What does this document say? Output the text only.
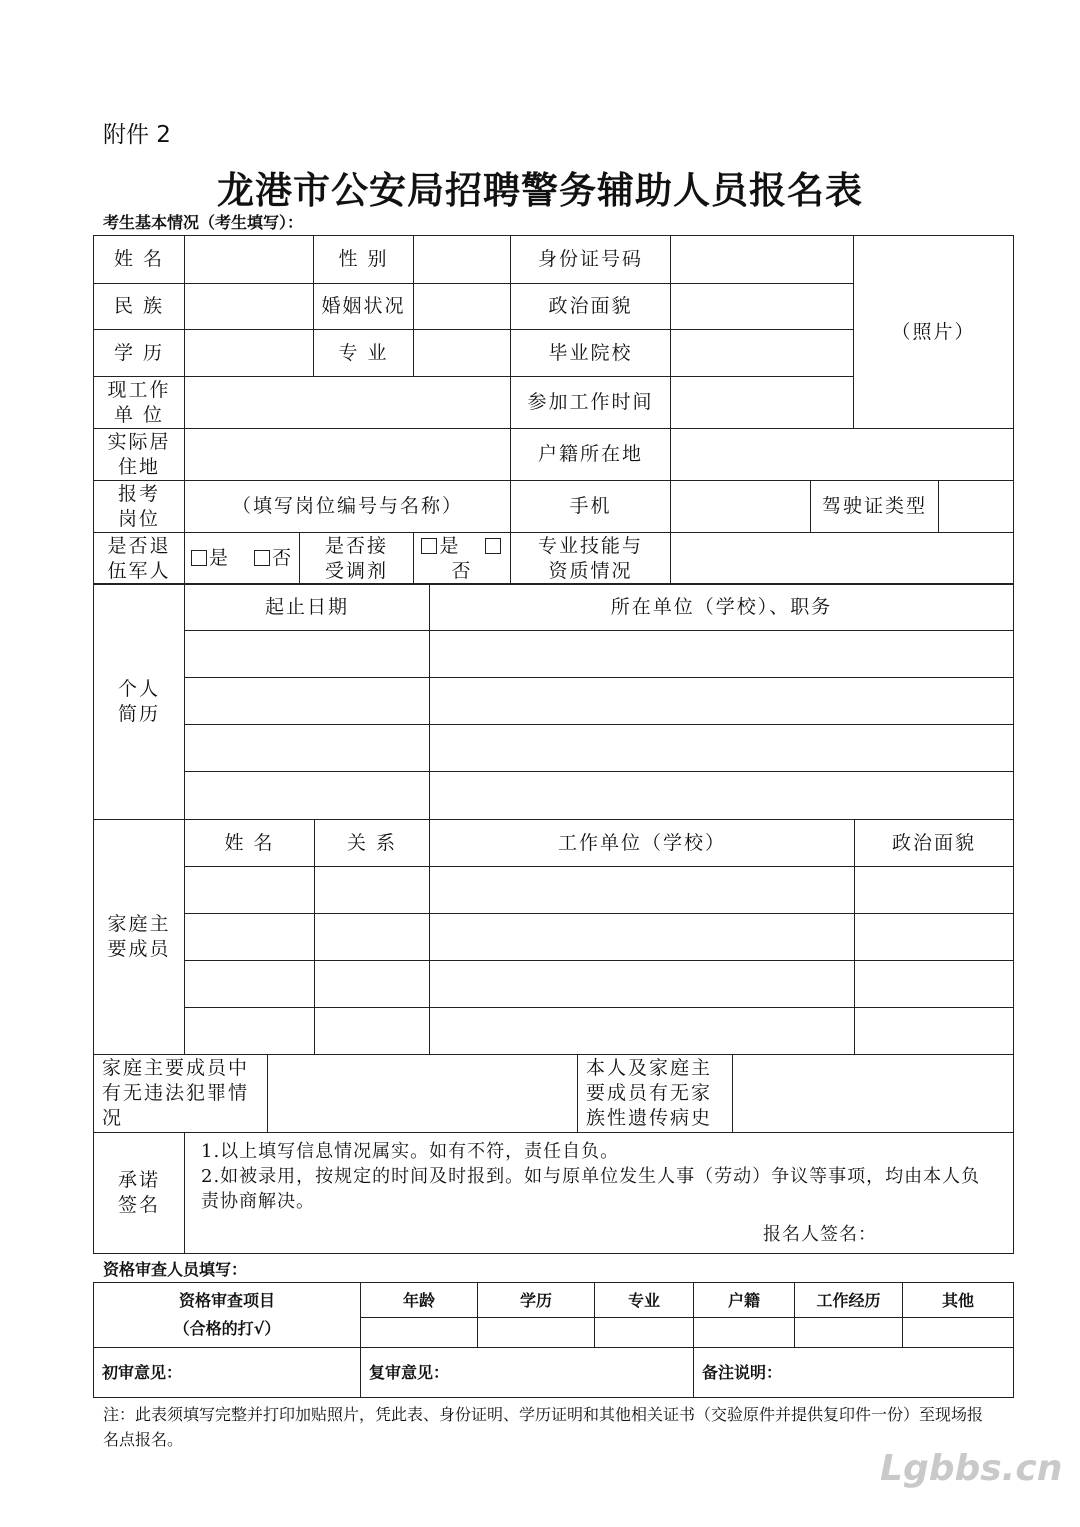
附件 2
龙港市公安局招聘警务辅助人员报名表
考生基本情况（考生填写）：
姓 名			性 别		身份证号码			（照片）	
民 族			婚姻状况		政治面貌				
学 历			专 业		毕业院校				

现工作单 位					参加工作时间				

实际居住地					户籍所在地				

报考岗位	（填写岗位编号与名称）				手机		驾驶证类型		

是否退伍军人	是 否	是否接受调剂		是   否	专业技能与资质情况				

个人简历	起止日期	所在单位（学校）、职务

家庭主要成员	姓 名	关 系	工作单位（学校）	政治面貌

家庭主要成员中有无违法犯罪情况			本人及家庭主要成员有无家族性遗传病史	

承诺签名	1.以上填写信息情况属实。如有不符，责任自负。
2.如被录用，按规定的时间及时报到。如与原单位发生人事（劳动）争议等事项，均由本人负责协商解决。
报名人签名：			
资格审查人员填写：
资格审查项目
（合格的打√）	年龄	学历	专业	户籍	工作经历	其他

初审意见：	复审意见：			备注说明：		
注：此表须填写完整并打印加贴照片，凭此表、身份证明、学历证明和其他相关证书（交验原件并提供复印件一份）至现场报名点报名。
Lgbbs.cn
